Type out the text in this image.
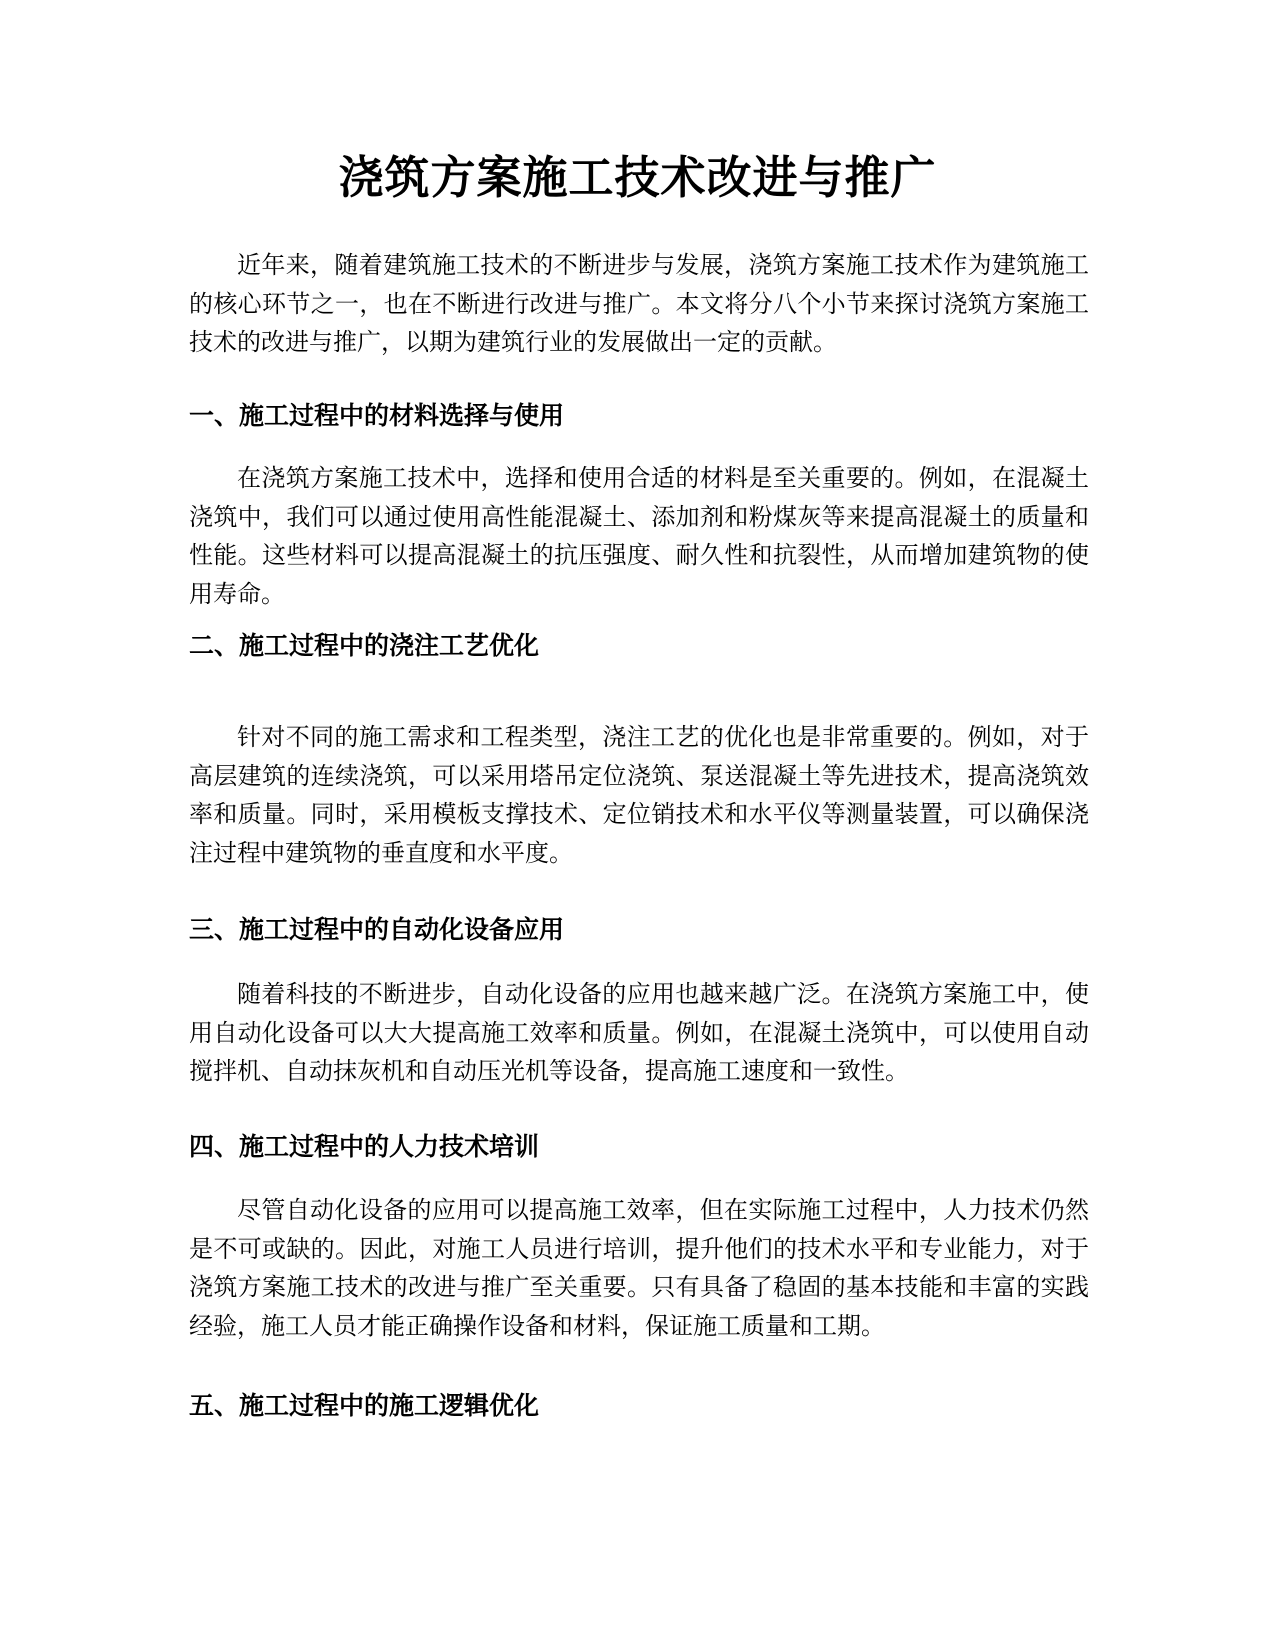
浇筑方案施工技术改进与推广

近年来，随着建筑施工技术的不断进步与发展，浇筑方案施工技术作为建筑施工的核心环节之一，也在不断进行改进与推广。本文将分八个小节来探讨浇筑方案施工技术的改进与推广，以期为建筑行业的发展做出一定的贡献。

一、施工过程中的材料选择与使用

在浇筑方案施工技术中，选择和使用合适的材料是至关重要的。例如，在混凝土浇筑中，我们可以通过使用高性能混凝土、添加剂和粉煤灰等来提高混凝土的质量和性能。这些材料可以提高混凝土的抗压强度、耐久性和抗裂性，从而增加建筑物的使用寿命。

二、施工过程中的浇注工艺优化

针对不同的施工需求和工程类型，浇注工艺的优化也是非常重要的。例如，对于高层建筑的连续浇筑，可以采用塔吊定位浇筑、泵送混凝土等先进技术，提高浇筑效率和质量。同时，采用模板支撑技术、定位销技术和水平仪等测量装置，可以确保浇注过程中建筑物的垂直度和水平度。

三、施工过程中的自动化设备应用

随着科技的不断进步，自动化设备的应用也越来越广泛。在浇筑方案施工中，使用自动化设备可以大大提高施工效率和质量。例如，在混凝土浇筑中，可以使用自动搅拌机、自动抹灰机和自动压光机等设备，提高施工速度和一致性。

四、施工过程中的人力技术培训

尽管自动化设备的应用可以提高施工效率，但在实际施工过程中，人力技术仍然是不可或缺的。因此，对施工人员进行培训，提升他们的技术水平和专业能力，对于浇筑方案施工技术的改进与推广至关重要。只有具备了稳固的基本技能和丰富的实践经验，施工人员才能正确操作设备和材料，保证施工质量和工期。

五、施工过程中的施工逻辑优化
